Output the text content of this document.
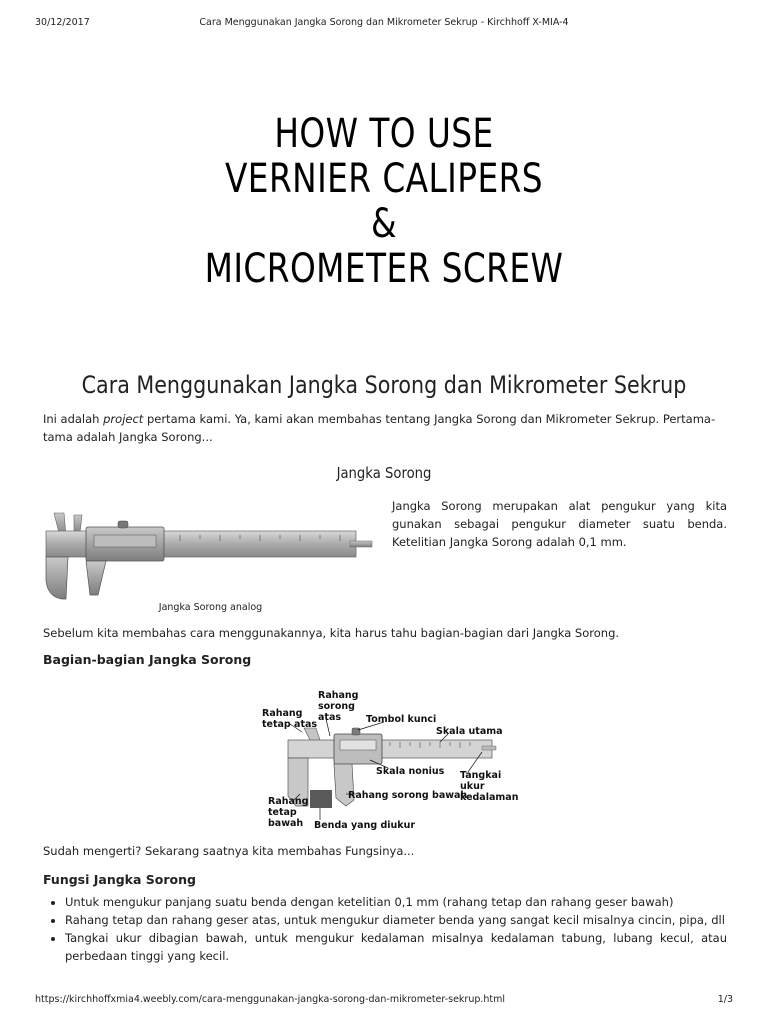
30/12/2017	Cara Menggunakan Jangka Sorong dan Mikrometer Sekrup - Kirchhoff X-MIA-4
HOW TO USE
VERNIER CALIPERS
&
MICROMETER SCREW
Cara Menggunakan Jangka Sorong dan Mikrometer Sekrup
Ini adalah project pertama kami. Ya, kami akan membahas tentang Jangka Sorong dan Mikrometer Sekrup. Pertama-tama adalah Jangka Sorong...
Jangka Sorong
Jangka Sorong merupakan alat pengukur yang kita gunakan sebagai pengukur diameter suatu benda. Ketelitian Jangka Sorong adalah 0,1 mm.
Jangka Sorong analog
Sebelum kita membahas cara menggunakannya, kita harus tahu bagian-bagian dari Jangka Sorong.
Bagian-bagian Jangka Sorong
Rahang
sorong
atas
Rahang
tetap atas	Tombol kunci
Skala utama
Skala nonius Tangkai
ukur
kedalaman
Rahang sorong bawah
Rahang
tetap
bawah Benda yang diukur
Sudah mengerti? Sekarang saatnya kita membahas Fungsinya...
Fungsi Jangka Sorong
• Untuk mengukur panjang suatu benda dengan ketelitian 0,1 mm (rahang tetap dan rahang geser bawah)
• Rahang tetap dan rahang geser atas, untuk mengukur diameter benda yang sangat kecil misalnya cincin, pipa, dll
• Tangkai ukur dibagian bawah, untuk mengukur kedalaman misalnya kedalaman tabung, lubang kecul, atau perbedaan tinggi yang kecil.
https://kirchhoffxmia4.weebly.com/cara-menggunakan-jangka-sorong-dan-mikrometer-sekrup.html	1/3
